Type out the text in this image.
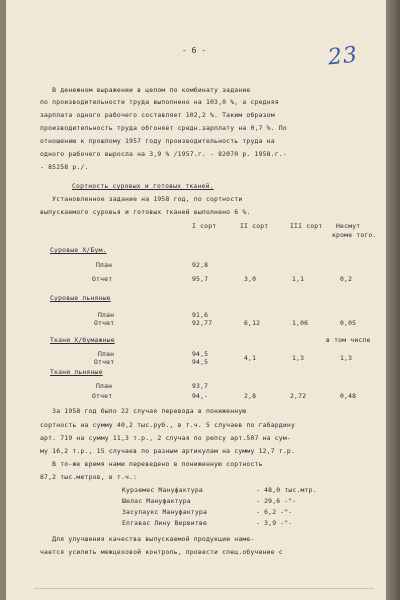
- 6 -	23
В денежном выражении в целом по комбинату задание
по производительности труда выполнено на 103,0 %, а средняя
зарплата одного рабочего составляет 102,2 %. Таким образом
производительность труда обгоняет средн.зарплату на 0,7 %. По
отношению к прошлому 1957 году производительность труда на
одного рабочего выросла на 3,9 % /1957.г. - 82070 р. 1958.г.-
- 85258 р./.
Сортность суровых и готовых тканей.
Установленное задание на 1958 год, по сортности
выпускаемого суровья и готовых тканей выполнено 6 %.
I сорт	II сорт	III сорт Несмут
кроме того.
Суровые Х/Бум.
План	92,8
Отчет	95,7	3,0	1,1	0,2
Суровые льняные
План	91,6
Отчет	92,77	6,12	1,06	0,05
Ткани Х/бумажные	в том числе
План	94,5
Отчет	94,5	4,1	1,3	1,3
Ткани льняные
План	93,7
Отчет	94,-	2,8	2,72	0,48
За 1958 год было 22 случая перевода в пониженную
сортность на сумму 40,2 тыс.руб., в т.ч. 5 случаев по габардину
арт. 719 на сумму 11,3 т.р., 2 случая по репсу арт.507 на сум-
му 16,2 т.р., 15 случаев по разным артикулам на сумму 12,7 т.р.
В то-же время нами переведено в пониженную сортность
87,2 тыс.метров, в т.ч.:
Курземес Мануфактура	- 48,0 тыс.мтр.
Шелас Мануфактура	- 29,6 -"-
Засулаукс Мануфактура	- 6,2 -"-
Елгавас Лину Вервитве	- 3,9 -"-
Для улучшения качества выпускаемой продукции наме-
чается усилить межцеховой контроль, провести спец.обучение с
